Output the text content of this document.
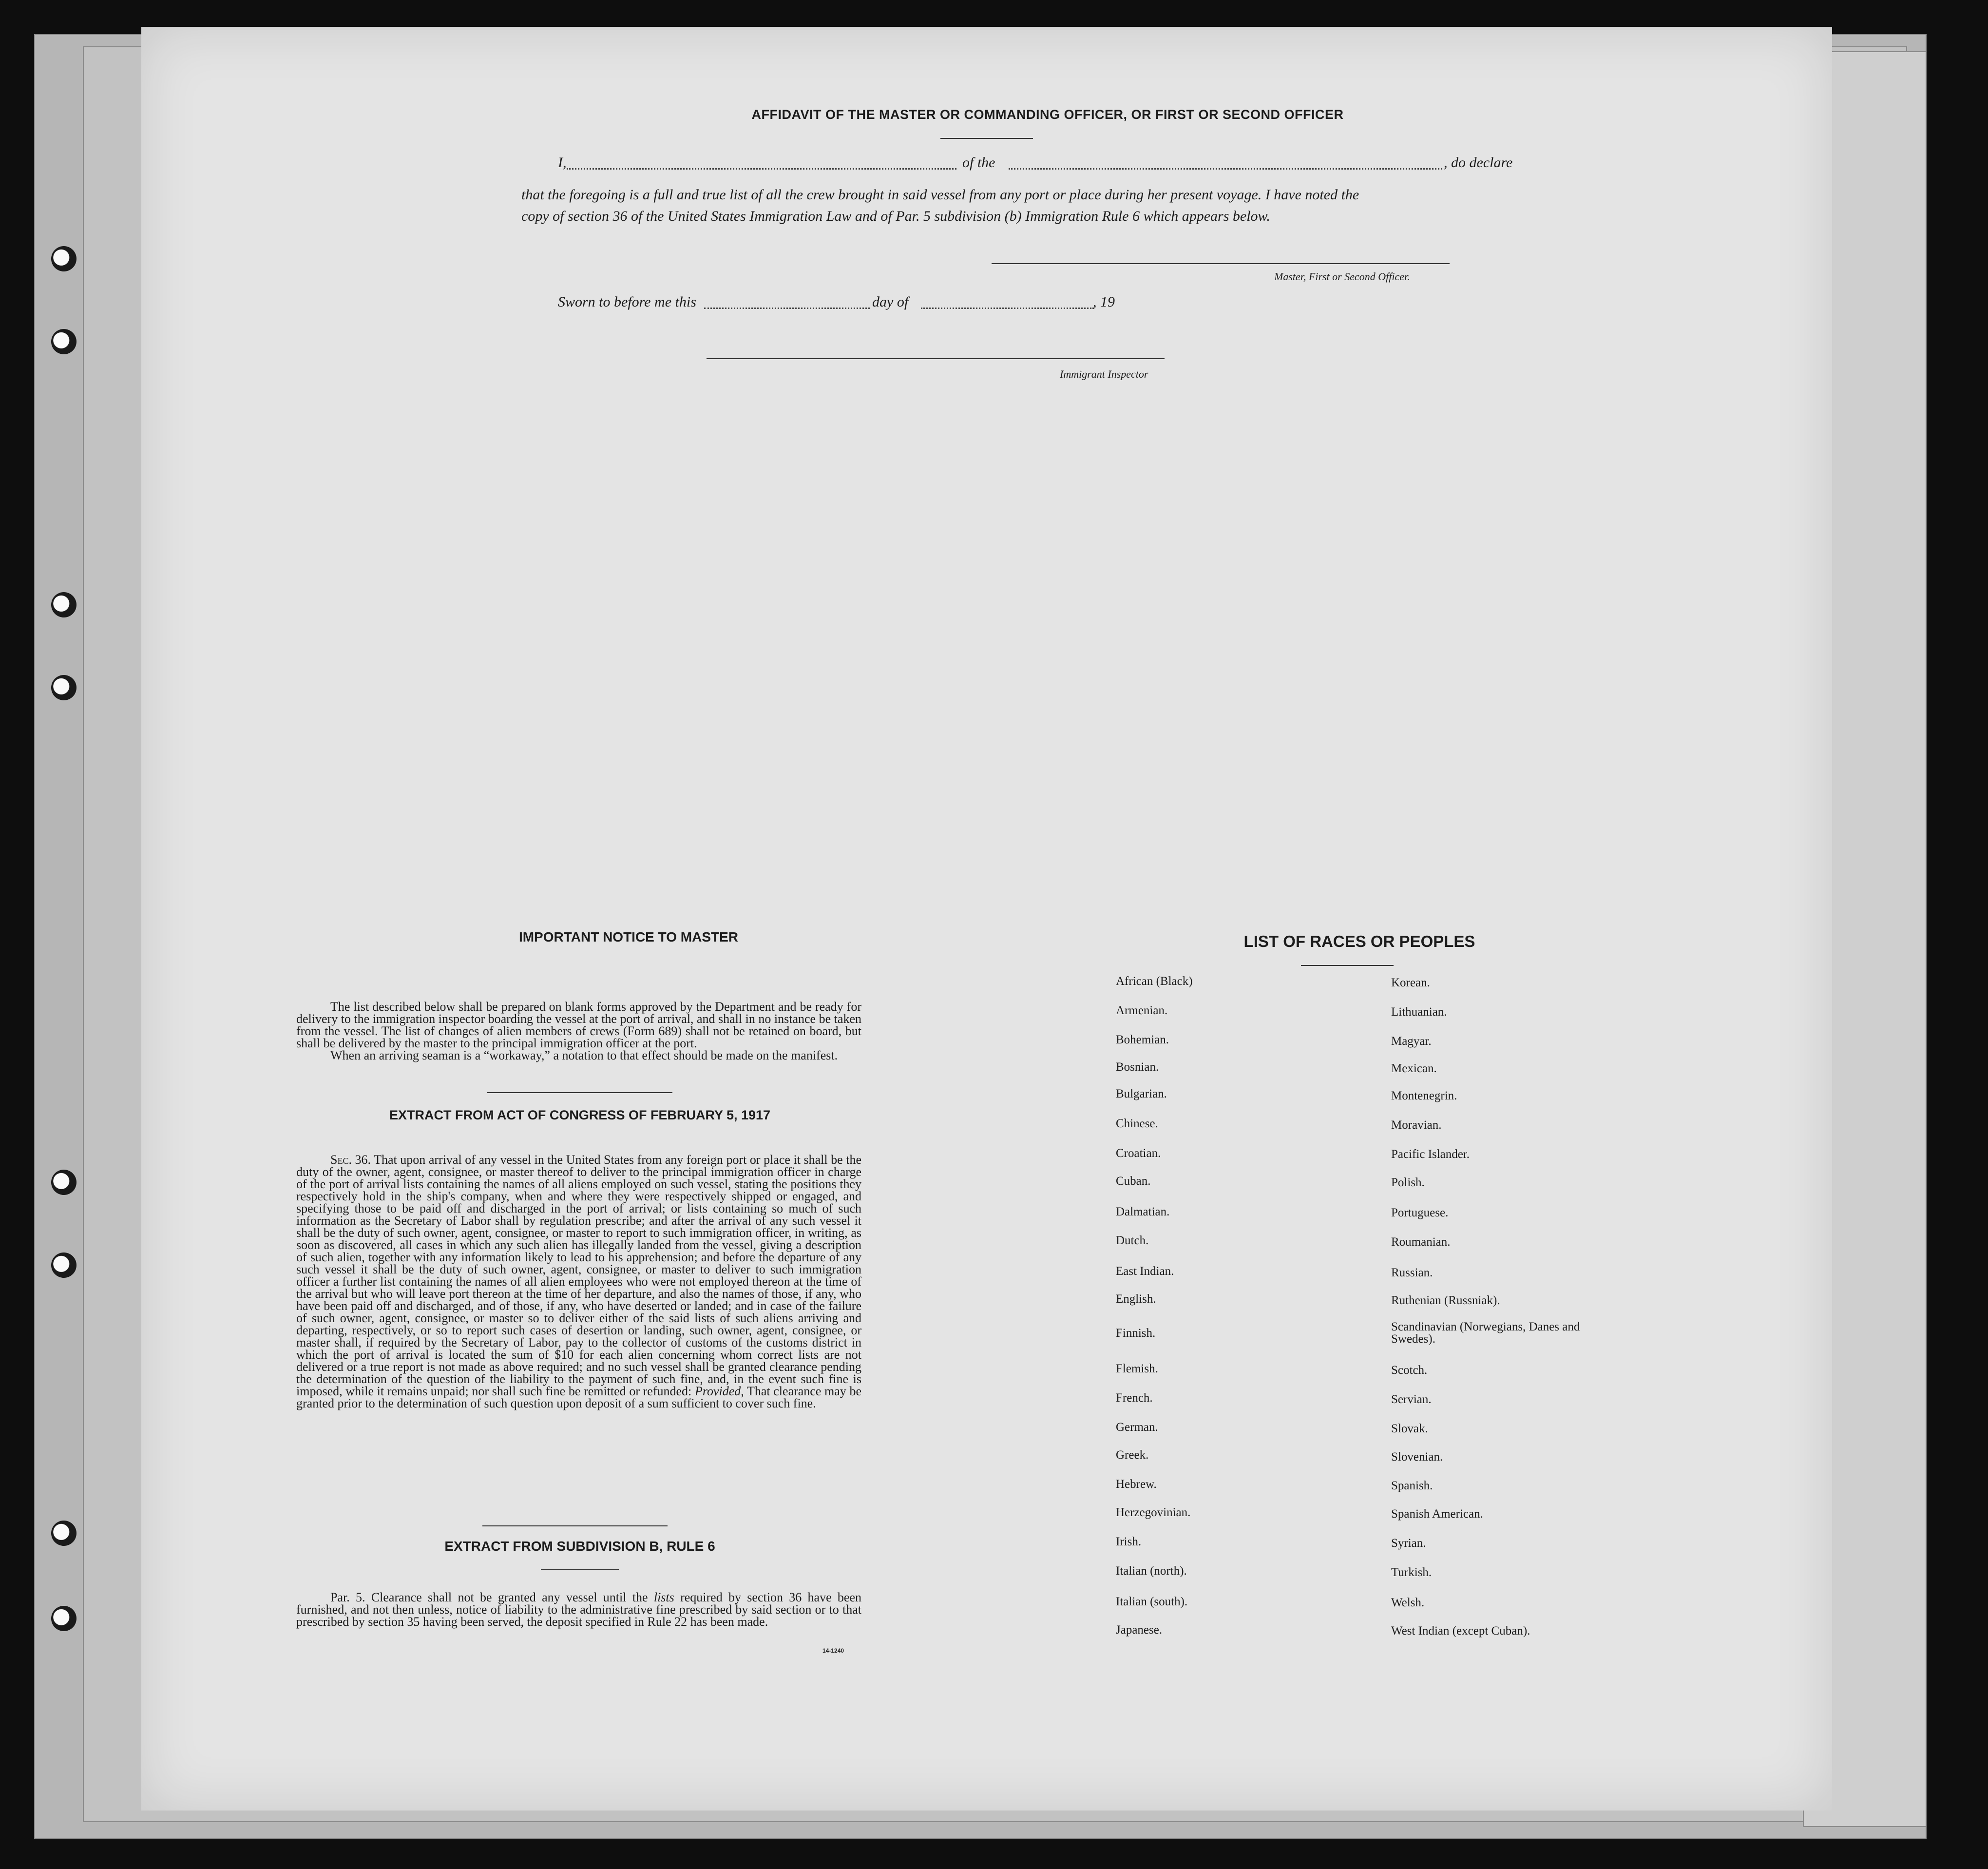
AFFIDAVIT OF THE MASTER OR COMMANDING OFFICER, OR FIRST OR SECOND OFFICER
I,	of the	, do declare
that the foregoing is a full and true list of all the crew brought in said vessel from any port or place during her present voyage. I have noted the
copy of section 36 of the United States Immigration Law and of Par. 5 subdivision (b) Immigration Rule 6 which appears below.
Master, First or Second Officer.
Sworn to before me this	day of	, 19
Immigrant Inspector
IMPORTANT NOTICE TO MASTER

The list described below shall be prepared on blank forms approved by the Department and be ready for delivery to the immigration inspector boarding the vessel at the port of arrival, and shall in no instance be taken from the vessel. The list of changes of alien members of crews (Form 689) shall not be retained on board, but shall be delivered by the master to the principal immigration officer at the port.

When an arriving seaman is a “workaway,” a notation to that effect should be made on the manifest.

EXTRACT FROM ACT OF CONGRESS OF FEBRUARY 5, 1917

Sec. 36. That upon arrival of any vessel in the United States from any foreign port or place it shall be the duty of the owner, agent, consignee, or master thereof to deliver to the principal immigration officer in charge of the port of arrival lists containing the names of all aliens employed on such vessel, stating the positions they respectively hold in the ship's company, when and where they were respectively shipped or engaged, and specifying those to be paid off and discharged in the port of arrival; or lists containing so much of such information as the Secretary of Labor shall by regulation prescribe; and after the arrival of any such vessel it shall be the duty of such owner, agent, consignee, or master to report to such immigration officer, in writing, as soon as discovered, all cases in which any such alien has illegally landed from the vessel, giving a description of such alien, together with any information likely to lead to his apprehension; and before the departure of any such vessel it shall be the duty of such owner, agent, consignee, or master to deliver to such immigration officer a further list containing the names of all alien employees who were not employed thereon at the time of the arrival but who will leave port thereon at the time of her departure, and also the names of those, if any, who have been paid off and discharged, and of those, if any, who have deserted or landed; and in case of the failure of such owner, agent, consignee, or master so to deliver either of the said lists of such aliens arriving and departing, respectively, or so to report such cases of desertion or landing, such owner, agent, consignee, or master shall, if required by the Secretary of Labor, pay to the collector of customs of the customs district in which the port of arrival is located the sum of $10 for each alien concerning whom correct lists are not delivered or a true report is not made as above required; and no such vessel shall be granted clearance pending the determination of the question of the liability to the payment of such fine, and, in the event such fine is imposed, while it remains unpaid; nor shall such fine be remitted or refunded: Provided, That clearance may be granted prior to the determination of such question upon deposit of a sum sufficient to cover such fine.

EXTRACT FROM SUBDIVISION B, RULE 6

Par. 5. Clearance shall not be granted any vessel until the lists required by section 36 have been furnished, and not then unless, notice of liability to the administrative fine prescribed by said section or to that prescribed by section 35 having been served, the deposit specified in Rule 22 has been made.

14-1240
LIST OF RACES OR PEOPLES
African (Black)
Armenian.
Bohemian.
Bosnian.
Bulgarian.
Chinese.
Croatian.
Cuban.
Dalmatian.
Dutch.
East Indian.
English.
Finnish.
Flemish.
French.
German.
Greek.
Hebrew.
Herzegovinian.
Irish.
Italian (north).
Italian (south).
Japanese.
Korean.
Lithuanian.
Magyar.
Mexican.
Montenegrin.
Moravian.
Pacific Islander.
Polish.
Portuguese.
Roumanian.
Russian.
Ruthenian (Russniak).
Scandinavian (Norwegians, Danes and Swedes).
Scotch.
Servian.
Slovak.
Slovenian.
Spanish.
Spanish American.
Syrian.
Turkish.
Welsh.
West Indian (except Cuban).
